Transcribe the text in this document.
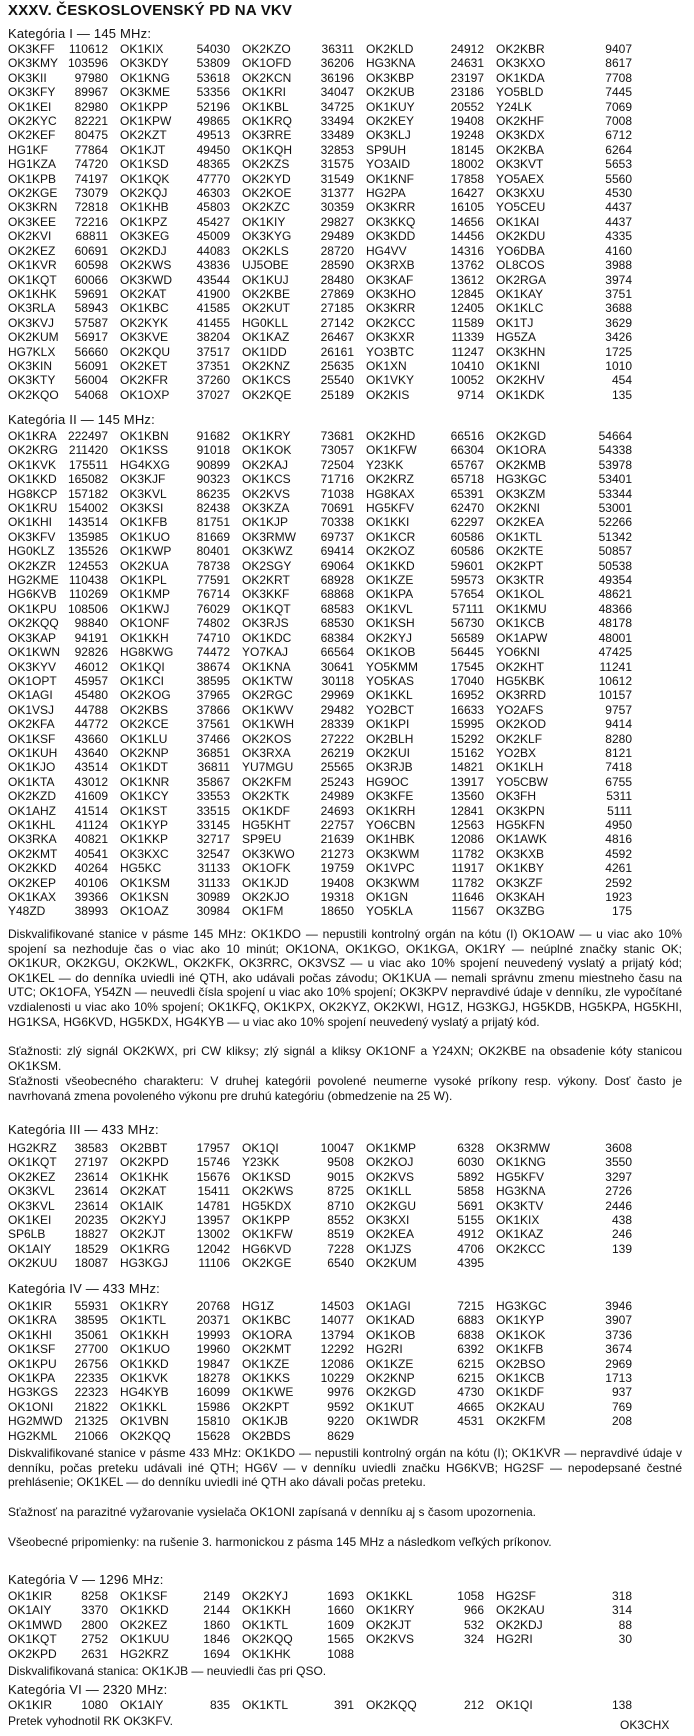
XXXV. ČESKOSLOVENSKÝ PD NA VKV
Kategória I — 145 MHz:
OK3KFF	110612	OK1KIX	54030	OK2KZO	36311	OK2KLD	24912	OK2KBR	9407
OK3KMY 103596	OK3KDY	53809	OK1OFD	36206	HG3KNA	24631	OK3KXO	8617
OK3KII	97980	OK1KNG	53618	OK2KCN	36196	OK3KBP	23197	OK1KDA	7708
OK3KFY	89967	OK3KME	53356	OK1KRI	34047	OK2KUB	23186	YO5BLD	7445
OK1KEI	82980	OK1KPP	52196	OK1KBL	34725	OK1KUY	20552	Y24LK	7069
OK2KYC	82221	OK1KPW	49865	OK1KRQ	33494	OK2KEY	19408	OK2KHF	7008
OK2KEF	80475	OK2KZT	49513	OK3RRE	33489	OK3KLJ	19248	OK3KDX	6712
HG1KF	77864	OK1KJT	49450	OK1KQH	32853	SP9UH	18145	OK2KBA	6264
HG1KZA	74720	OK1KSD	48365	OK2KZS	31575	YO3AID	18002	OK3KVT	5653
OK1KPB	74197	OK1KQK	47770	OK2KYD	31549	OK1KNF	17858	YO5AEX	5560
OK2KGE	73079	OK2KQJ	46303	OK2KOE	31377	HG2PA	16427	OK3KXU	4530
OK3KRN	72818	OK1KHB	45803	OK2KZC	30359	OK3KRR	16105	YO5CEU	4437
OK3KEE	72216	OK1KPZ	45427	OK1KIY	29827	OK3KKQ	14656	OK1KAI	4437
OK2KVI	68811	OK3KEG	45009	OK3KYG	29489	OK3KDD	14456	OK2KDU	4335
OK2KEZ	60691	OK2KDJ	44083	OK2KLS	28720	HG4VV	14316	YO6DBA	4160
OK1KVR	60598	OK2KWS	43836	UJ5OBE	28590	OK3RXB	13762	OL8COS	3988
OK1KQT	60066	OK3KWD	43544	OK1KUJ	28480	OK3KAF	13612	OK2RGA	3974
OK1KHK	59691	OK2KAT	41900	OK2KBE	27869	OK3KHO	12845	OK1KAY	3751
OK3RLA	58943	OK1KBC	41585	OK2KUT	27185	OK3KRR	12405	OK1KLC	3688
OK3KVJ	57587	OK2KYK	41455	HG0KLL	27142	OK2KCC	11589	OK1TJ	3629
OK2KUM	56917	OK3KVE	38204	OK1KAZ	26467	OK3KXR	11339	HG5ZA	3426
HG7KLX	56660	OK2KQU	37517	OK1IDD	26161	YO3BTC	11247	OK3KHN	1725
OK3KIN	56091	OK2KET	37351	OK2KNZ	25635	OK1XN	10410	OK1KNI	1010
OK3KTY	56004	OK2KFR	37260	OK1KCS	25540	OK1VKY	10052	OK2KHV	454
OK2KQO	54068	OK1OXP	37027	OK2KQE	25189	OK2KIS	9714	OK1KDK	135
Kategória II — 145 MHz:
OK1KRA 222497	OK1KBN	91682	OK1KRY	73681	OK2KHD	66516	OK2KGD	54664
OK2KRG 211420	OK1KSS	91018	OK1KOK	73057	OK1KFW	66304	OK1ORA	54338
OK1KVK	175511	HG4KXG	90899	OK2KAJ	72504	Y23KK	65767	OK2KMB	53978
OK1KKD 165082	OK3KJF	90323	OK1KCS	71716	OK2KRZ	65718	HG3KGC	53401
HG8KCP 157182	OK3KVL	86235	OK2KVS	71038	HG8KAX	65391	OK3KZM	53344
OK1KRU 154002	OK3KSI	82438	OK3KZA	70691	HG5KFV	62470	OK2KNI	53001
OK1KHI	143514	OK1KFB	81751	OK1KJP	70338	OK1KKI	62297	OK2KEA	52266
OK3KFV	135985	OK1KUO	81669	OK3RMW	69737	OK1KCR	60586	OK1KTL	51342
HG0KLZ	135526	OK1KWP	80401	OK3KWZ	69414	OK2KOZ	60586	OK2KTE	50857
OK2KZR 124553	OK2KUA	78738	OK2SGY	69064	OK1KKD	59601	OK2KPT	50538
HG2KME 110438	OK1KPL	77591	OK2KRT	68928	OK1KZE	59573	OK3KTR	49354
HG6KVB	110269	OK1KMP	76714	OK3KKF	68868	OK1KPA	57654	OK1KOL	48621
OK1KPU 108506	OK1KWJ	76029	OK1KQT	68583	OK1KVL	57111	OK1KMU	48366
OK2KQQ	98840	OK1ONF	74802	OK3RJS	68530	OK1KSH	56730	OK1KCB	48178
OK3KAP	94191	OK1KKH	74710	OK1KDC	68384	OK2KYJ	56589	OK1APW	48001
OK1KWN	92826	HG8KWG	74472	YO7KAJ	66564	OK1KOB	56445	YO6KNI	47425
OK3KYV	46012	OK1KQI	38674	OK1KNA	30641	YO5KMM	17545	OK2KHT	11241
OK1OPT	45957	OK1KCI	38595	OK1KTW	30118	YO5KAS	17040	HG5KBK	10612
OK1AGI	45480	OK2KOG	37965	OK2RGC	29969	OK1KKL	16952	OK3RRD	10157
OK1VSJ	44788	OK2KBS	37866	OK1KWV	29482	YO2BCT	16633	YO2AFS	9757
OK2KFA	44772	OK2KCE	37561	OK1KWH	28339	OK1KPI	15995	OK2KOD	9414
OK1KSF	43660	OK1KLU	37466	OK2KOS	27222	OK2BLH	15292	OK2KLF	8280
OK1KUH	43640	OK2KNP	36851	OK3RXA	26219	OK2KUI	15162	YO2BX	8121
OK1KJO	43514	OK1KDT	36811	YU7MGU	25565	OK3RJB	14821	OK1KLH	7418
OK1KTA	43012	OK1KNR	35867	OK2KFM	25243	HG9OC	13917	YO5CBW	6755
OK2KZD	41609	OK1KCY	33553	OK2KTK	24989	OK3KFE	13560	OK3FH	5311
OK1AHZ	41514	OK1KST	33515	OK1KDF	24693	OK1KRH	12841	OK3KPN	5111
OK1KHL	41124	OK1KYP	33145	HG5KHT	22757	YO6CBN	12563	HG5KFN	4950
OK3RKA	40821	OK1KKP	32717	SP9EU	21639	OK1HBK	12086	OK1AWK	4816
OK2KMT	40541	OK3KXC	32547	OK3KWO	21273	OK3KWM	11782	OK3KXB	4592
OK2KKD	40264	HG5KC	31133	OK1OFK	19759	OK1VPC	11917	OK1KBY	4261
OK2KEP	40106	OK1KSM	31133	OK1KJD	19408	OK3KWM	11782	OK3KZF	2592
OK1KAX	39366	OK1KSN	30989	OK2KJO	19318	OK1GN	11646	OK3KAH	1923
Y48ZD	38993	OK1OAZ	30984	OK1FM	18650	YO5KLA	11567	OK3ZBG	175
Diskvalifikované stanice v pásme 145 MHz: OK1KDO — nepustili kontrolný orgán na kótu (I) OK1OAW — u viac ako 10% spojení sa nezhoduje čas o viac ako 10 minút; OK1ONA, OK1KGO, OK1KGA, OK1RY — neúplné značky stanic OK; OK1KUR, OK2KGU, OK2KWL, OK2KFK, OK3RRC, OK3VSZ — u viac ako 10% spojení neuvedený vyslatý a prijatý kód; OK1KEL — do denníka uviedli iné QTH, ako udávali počas závodu; OK1KUA — nemali správnu zmenu miestneho času na UTC; OK1OFA, Y54ZN — neuvedli čísla spojení u viac ako 10% spojení; OK3KPV nepravdivé údaje v denníku, zle vypočítané vzdialenosti u viac ako 10% spojení; OK1KFQ, OK1KPX, OK2KYZ, OK2KWI, HG1Z, HG3KGJ, HG5KDB, HG5KPA, HG5KHI, HG1KSA, HG6KVD, HG5KDX, HG4KYB — u viac ako 10% spojení neuvedený vyslatý a prijatý kód.
Sťažnosti: zlý signál OK2KWX, pri CW kliksy; zlý signál a kliksy OK1ONF a Y24XN; OK2KBE na obsadenie kóty stanicou OK1KSM.
Sťažnosti všeobecného charakteru: V druhej kategórii povolené neumerne vysoké príkony resp. výkony. Dosť často je navrhovaná zmena povoleného výkonu pre druhú kategóriu (obmedzenie na 25 W).
Kategória III — 433 MHz:
HG2KRZ	38583	OK2BBT	17957	OK1QI	10047	OK1KMP	6328	OK3RMW	3608
OK1KQT	27197	OK2KPD	15746	Y23KK	9508	OK2KOJ	6030	OK1KNG	3550
OK2KEZ	23614	OK1KHK	15676	OK1KSD	9015	OK2KVS	5892	HG5KFV	3297
OK3KVL	23614	OK2KAT	15411	OK2KWS	8725	OK1KLL	5858	HG3KNA	2726
OK3KVL	23614	OK1AIK	14781	HG5KDX	8710	OK2KGU	5691	OK3KTV	2446
OK1KEI	20235	OK2KYJ	13957	OK1KPP	8552	OK3KXI	5155	OK1KIX	438
SP6LB	18827	OK2KJT	13002	OK1KFW	8519	OK2KEA	4912	OK1KAZ	246
OK1AIY	18529	OK1KRG	12042	HG6KVD	7228	OK1JZS	4706	OK2KCC	139
OK2KUU	18087	HG3KGJ	11106	OK2KGE	6540	OK2KUM	4395
Kategória IV — 433 MHz:
OK1KIR	55931	OK1KRY	20768	HG1Z	14503	OK1AGI	7215	HG3KGC	3946
OK1KRA	38595	OK1KTL	20371	OK1KBC	14077	OK1KAD	6883	OK1KYP	3907
OK1KHI	35061	OK1KKH	19993	OK1ORA	13794	OK1KOB	6838	OK1KOK	3736
OK1KSF	27700	OK1KUO	19960	OK2KMT	12292	HG2RI	6392	OK1KFB	3674
OK1KPU	26756	OK1KKD	19847	OK1KZE	12086	OK1KZE	6215	OK2BSO	2969
OK1KPA	22335	OK1KVK	18278	OK1KKS	10229	OK2KNP	6215	OK1KCB	1713
HG3KGS	22323	HG4KYB	16099	OK1KWE	9976	OK2KGD	4730	OK1KDF	937
OK1ONI	21822	OK1KKL	15986	OK2KPT	9592	OK1KUT	4665	OK2KAU	769
HG2MWD 21325	OK1VBN	15810	OK1KJB	9220	OK1WDR	4531	OK2KFM	208
HG2KML	21066	OK2KQQ	15628	OK2BDS	8629
Diskvalifikované stanice v pásme 433 MHz: OK1KDO — nepustili kontrolný orgán na kótu (I); OK1KVR — nepravdivé údaje v denníku, počas preteku udávali iné QTH; HG6V — v denníku uviedli značku HG6KVB; HG2SF — nepodepsané čestné prehlásenie; OK1KEL — do denníku uviedli iné QTH ako dávali počas preteku.
Sťažnosť na parazitné vyžarovanie vysielača OK1ONI zapísaná v denníku aj s časom upozornenia.
Všeobecné pripomienky: na rušenie 3. harmonickou z pásma 145 MHz a následkom veľkých príkonov.
Kategória V — 1296 MHz:
OK1KIR	8258	OK1KSF	2149	OK2KYJ	1693	OK1KKL	1058	HG2SF	318
OK1AIY	3370	OK1KKD	2144	OK1KKH	1660	OK1KRY	966	OK2KAU	314
OK1MWD	2800	OK2KEZ	1860	OK1KTL	1609	OK2KJT	532	OK2KDJ	88
OK1KQT	2752	OK1KUU	1846	OK2KQQ	1565	OK2KVS	324	HG2RI	30
OK2KPD	2631	HG2KRZ	1694	OK1KHK	1088
Diskvalifikovaná stanica: OK1KJB — neuviedli čas pri QSO.
Kategória VI — 2320 MHz:
OK1KIR	1080	OK1AIY	835	OK1KTL	391	OK2KQQ	212	OK1QI	138
Pretek vyhodnotil RK OK3KFV.	OK3CHX
